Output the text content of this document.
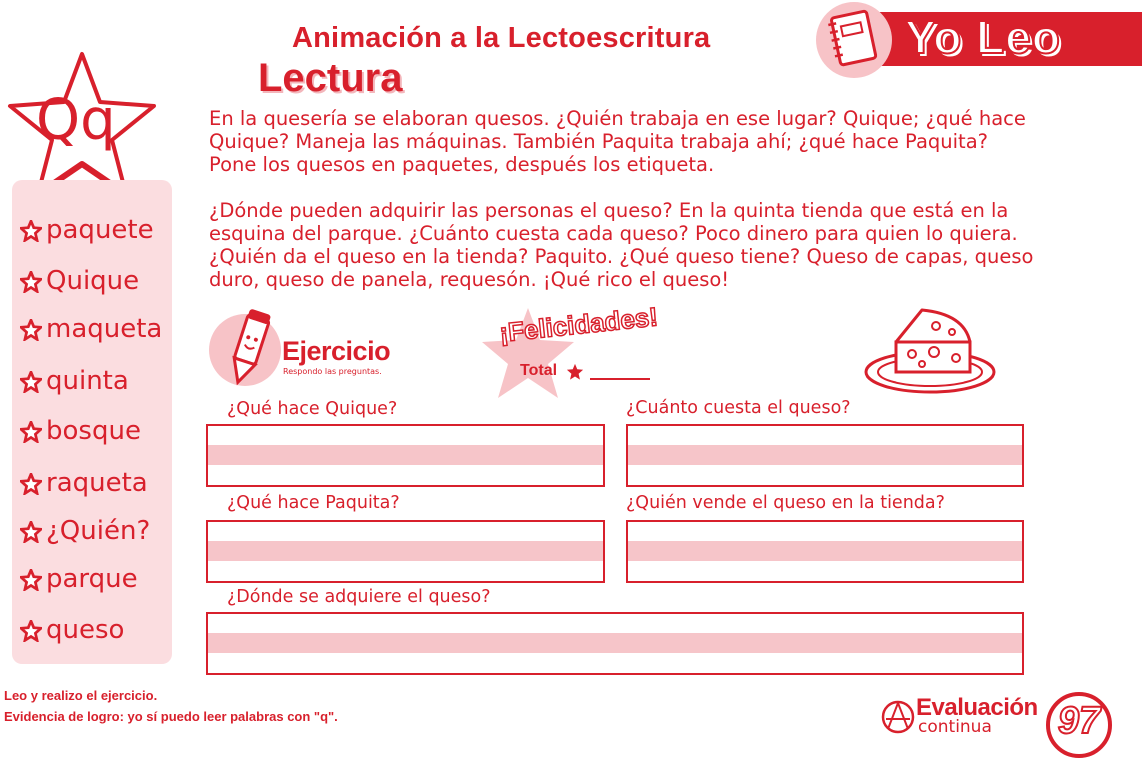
Animación a la Lectoescritura
Lectura
Yo Leo
Qq
paquete
Quique
maqueta
quinta
bosque
raqueta
¿Quién?
parque
queso
En la quesería se elaboran quesos. ¿Quién trabaja en ese lugar? Quique; ¿qué hace Quique? Maneja las máquinas. También Paquita trabaja ahí; ¿qué hace Paquita? Pone los quesos en paquetes, después los etiqueta.
¿Dónde pueden adquirir las personas el queso? En la quinta tienda que está en la esquina del parque. ¿Cuánto cuesta cada queso? Poco dinero para quien lo quiera. ¿Quién da el queso en la tienda? Paquito. ¿Qué queso tiene? Queso de capas, queso duro, queso de panela, requesón. ¡Qué rico el queso!
Ejercicio
Respondo las preguntas.
¡Felicidades!
Total
¿Qué hace Quique?	¿Cuánto cuesta el queso?
¿Qué hace Paquita?	¿Quién vende el queso en la tienda?
¿Dónde se adquiere el queso?
Leo y realizo el ejercicio.
Evidencia de logro: yo sí puedo leer palabras con "q".	Evaluación
continua	97
